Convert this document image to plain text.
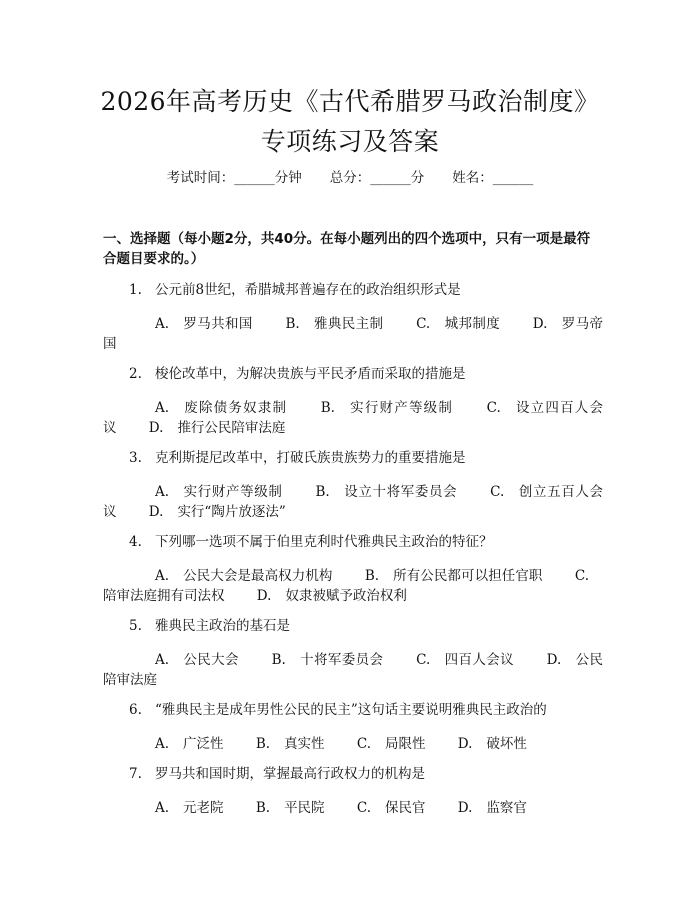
2026年高考历史《古代希腊罗马政治制度》
专项练习及答案
考试时间：______分钟 总分：______分 姓名：______
一、选择题（每小题2分，共40分。在每小题列出的四个选项中，只有一项是最符合题目要求的。）
1. 公元前8世纪，希腊城邦普遍存在的政治组织形式是
A. 罗马共和国 B. 雅典民主制 C. 城邦制度 D. 罗马帝国
2. 梭伦改革中，为解决贵族与平民矛盾而采取的措施是
A. 废除债务奴隶制 B. 实行财产等级制 C. 设立四百人会议 D. 推行公民陪审法庭
3. 克利斯提尼改革中，打破氏族贵族势力的重要措施是
A. 实行财产等级制 B. 设立十将军委员会 C. 创立五百人会议 D. 实行“陶片放逐法”
4. 下列哪一选项不属于伯里克利时代雅典民主政治的特征？
A. 公民大会是最高权力机构 B. 所有公民都可以担任官职 C.陪审法庭拥有司法权 D. 奴隶被赋予政治权利
5. 雅典民主政治的基石是
A. 公民大会 B. 十将军委员会 C. 四百人会议 D. 公民陪审法庭
6. “雅典民主是成年男性公民的民主”这句话主要说明雅典民主政治的
A. 广泛性 B. 真实性 C. 局限性 D. 破坏性
7. 罗马共和国时期，掌握最高行政权力的机构是
A. 元老院 B. 平民院 C. 保民官 D. 监察官
